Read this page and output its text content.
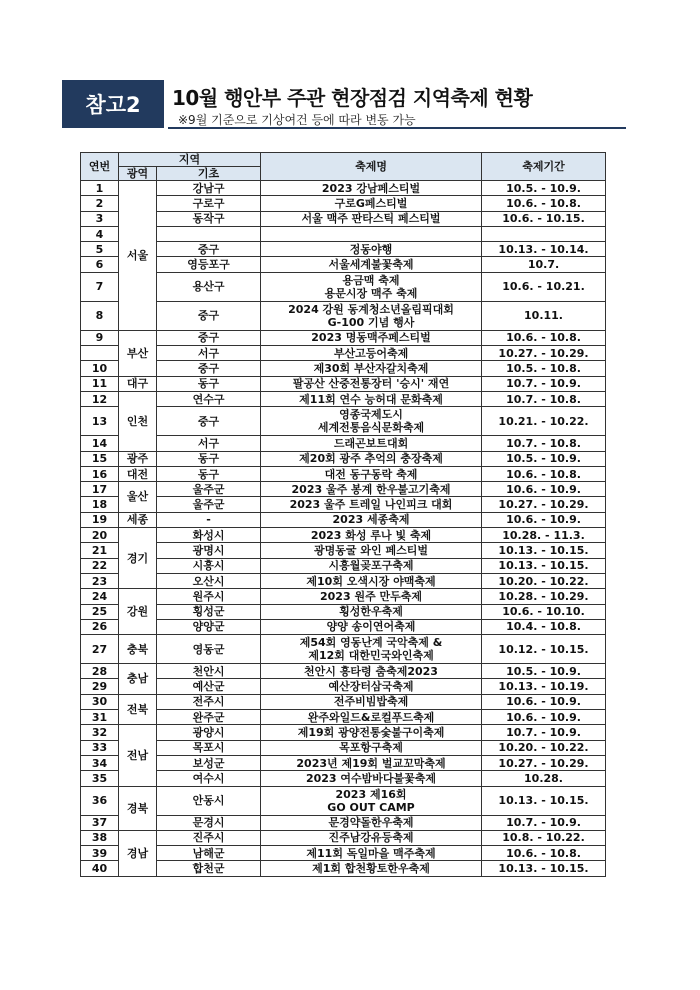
참고2 10월 행안부 주관 현장점검 지역축제 현황
※9월 기준으로 기상여건 등에 따라 변동 가능
연번	지역		축제명	축제기간
	광역	기초		
1	서울	강남구	2023 강남페스티벌	10.5. - 10.9.
2		구로구	구로G페스티벌	10.6. - 10.8.
3		동작구	서울 맥주 판타스틱 페스티벌	10.6. - 10.15.
4			

5		중구	정동야행	10.13. - 10.14.
6		영등포구	서울세계불꽃축제	10.7.
7		용산구	용금맥 축제
용문시장 맥주 축제	10.6. - 10.21.
8		중구	2024 강원 동계청소년올림픽대회
G-100 기념 행사	10.11.
9	부산	중구	2023 명동맥주페스티벌	10.6. - 10.8.
		서구	부산고등어축제	10.27. - 10.29.
10		중구	제30회 부산자갈치축제	10.5. - 10.8.
11	대구	동구	팔공산 산중전통장터 '승시' 재연	10.7. - 10.9.
12	인천	연수구	제11회 연수 능허대 문화축제	10.7. - 10.8.
13		중구	영종국제도시
세계전통음식문화축제	10.21. - 10.22.
14		서구	드래곤보트대회	10.7. - 10.8.
15	광주	동구	제20회 광주 추억의 충장축제	10.5. - 10.9.
16	대전	동구	대전 동구동락 축제	10.6. - 10.8.
17	울산	울주군	2023 울주 봉계 한우불고기축제	10.6. - 10.9.
18		울주군	2023 울주 트레일 나인피크 대회	10.27. - 10.29.
19	세종	-	2023 세종축제	10.6. - 10.9.
20	경기	화성시	2023 화성 루나 빛 축제	10.28. - 11.3.
21		광명시	광명동굴 와인 페스티벌	10.13. - 10.15.
22		시흥시	시흥월곶포구축제	10.13. - 10.15.
23		오산시	제10회 오색시장 야맥축제	10.20. - 10.22.
24	강원	원주시	2023 원주 만두축제	10.28. - 10.29.
25		횡성군	횡성한우축제	10.6. - 10.10.
26		양양군	양양 송이연어축제	10.4. - 10.8.
27	충북	영동군	제54회 영동난계 국악축제 &
제12회 대한민국와인축제	10.12. - 10.15.
28	충남	천안시	천안시 흥타령 춤축제2023	10.5. - 10.9.
29		예산군	예산장터삼국축제	10.13. - 10.19.
30	전북	전주시	전주비빔밥축제	10.6. - 10.9.
31		완주군	완주와일드&로컬푸드축제	10.6. - 10.9.
32	전남	광양시	제19회 광양전통숯불구이축제	10.7. - 10.9.
33		목포시	목포항구축제	10.20. - 10.22.
34		보성군	2023년 제19회 벌교꼬막축제	10.27. - 10.29.
35		여수시	2023 여수밤바다불꽃축제	10.28.
36	경북	안동시	2023 제16회
GO OUT CAMP	10.13. - 10.15.
37		문경시	문경약돌한우축제	10.7. - 10.9.
38	경남	진주시	진주남강유등축제	10.8. - 10.22.
39		남해군	제11회 독일마을 맥주축제	10.6. - 10.8.
40		합천군	제1회 합천황토한우축제	10.13. - 10.15.
